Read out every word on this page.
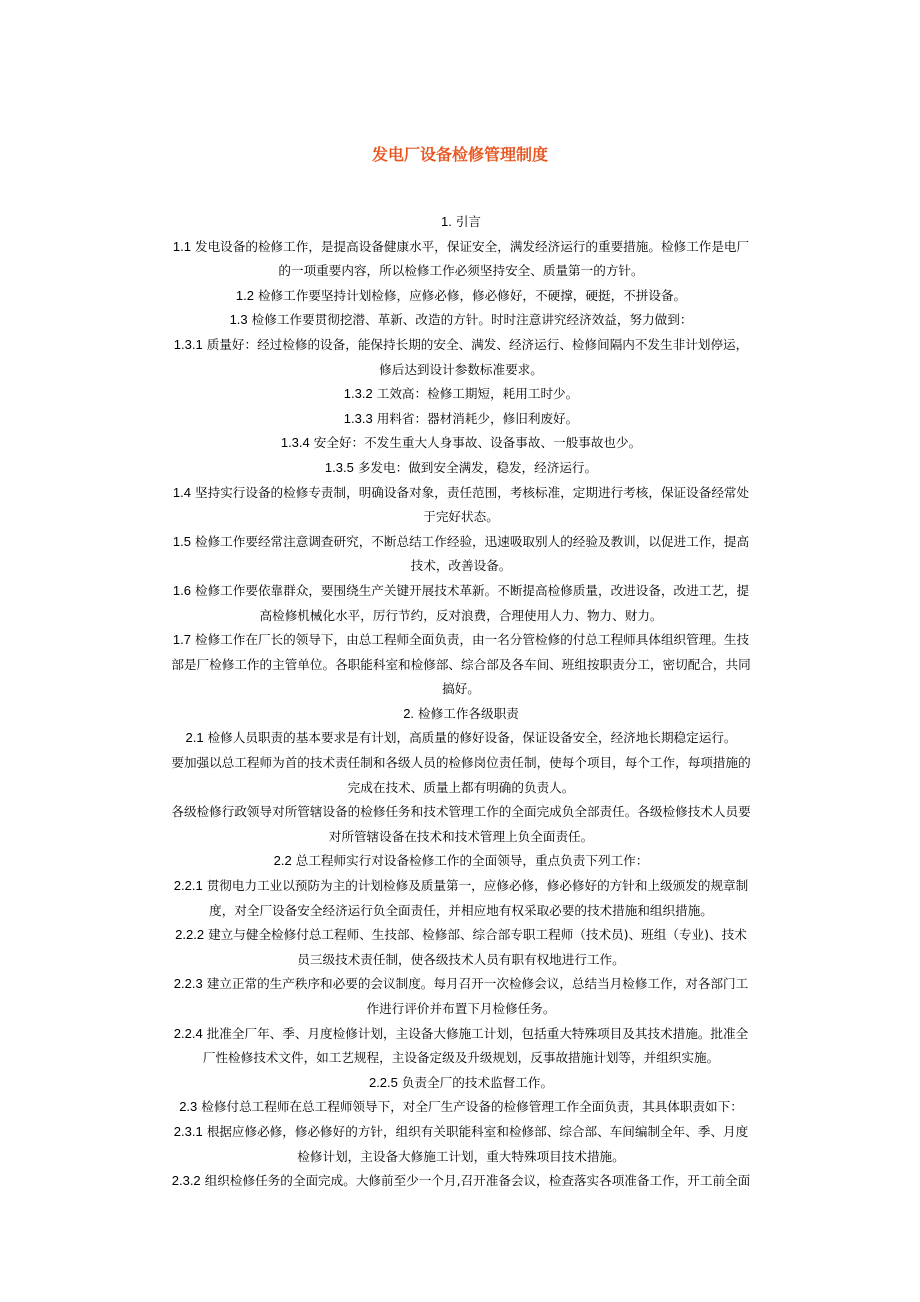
发电厂设备检修管理制度

1. 引言

1.1 发电设备的检修工作，是提高设备健康水平，保证安全，满发经济运行的重要措施。检修工作是电厂
的一项重要内容，所以检修工作必须坚持安全、质量第一的方针。

1.2 检修工作要坚持计划检修，应修必修，修必修好，不硬撑，硬挺，不拼设备。

1.3 检修工作要贯彻挖潜、革新、改造的方针。时时注意讲究经济效益，努力做到：

1.3.1 质量好：经过检修的设备，能保持长期的安全、满发、经济运行、检修间隔内不发生非计划停运，
修后达到设计参数标准要求。

1.3.2 工效高：检修工期短，耗用工时少。

1.3.3 用料省：器材消耗少，修旧利废好。

1.3.4 安全好：不发生重大人身事故、设备事故、一般事故也少。

1.3.5 多发电：做到安全满发，稳发，经济运行。

1.4 坚持实行设备的检修专责制，明确设备对象，责任范围，考核标准，定期进行考核，保证设备经常处
于完好状态。

1.5 检修工作要经常注意调查研究，不断总结工作经验，迅速吸取别人的经验及教训，以促进工作，提高
技术，改善设备。

1.6 检修工作要依靠群众，要围绕生产关键开展技术革新。不断提高检修质量，改进设备，改进工艺，提
高检修机械化水平，厉行节约，反对浪费，合理使用人力、物力、财力。

1.7 检修工作在厂长的领导下，由总工程师全面负责，由一名分管检修的付总工程师具体组织管理。生技
部是厂检修工作的主管单位。各职能科室和检修部、综合部及各车间、班组按职责分工，密切配合，共同
搞好。

2. 检修工作各级职责

2.1 检修人员职责的基本要求是有计划，高质量的修好设备，保证设备安全，经济地长期稳定运行。

要加强以总工程师为首的技术责任制和各级人员的检修岗位责任制，使每个项目，每个工作，每项措施的
完成在技术、质量上都有明确的负责人。

各级检修行政领导对所管辖设备的检修任务和技术管理工作的全面完成负全部责任。各级检修技术人员要
对所管辖设备在技术和技术管理上负全面责任。

2.2 总工程师实行对设备检修工作的全面领导，重点负责下列工作：

2.2.1 贯彻电力工业以预防为主的计划检修及质量第一，应修必修，修必修好的方针和上级颁发的规章制
度，对全厂设备安全经济运行负全面责任，并相应地有权采取必要的技术措施和组织措施。

2.2.2 建立与健全检修付总工程师、生技部、检修部、综合部专职工程师（技术员)、班组（专业)、技术
员三级技术责任制，使各级技术人员有职有权地进行工作。

2.2.3 建立正常的生产秩序和必要的会议制度。每月召开一次检修会议，总结当月检修工作，对各部门工
作进行评价并布置下月检修任务。

2.2.4 批准全厂年、季、月度检修计划，主设备大修施工计划，包括重大特殊项目及其技术措施。批准全
厂性检修技术文件，如工艺规程，主设备定级及升级规划，反事故措施计划等，并组织实施。

2.2.5 负责全厂的技术监督工作。

2.3 检修付总工程师在总工程师领导下，对全厂生产设备的检修管理工作全面负责，其具体职责如下：

2.3.1 根据应修必修，修必修好的方针，组织有关职能科室和检修部、综合部、车间编制全年、季、月度
检修计划，主设备大修施工计划，重大特殊项目技术措施。

2.3.2 组织检修任务的全面完成。大修前至少一个月,召开准备会议，检查落实各项准备工作，开工前全面
